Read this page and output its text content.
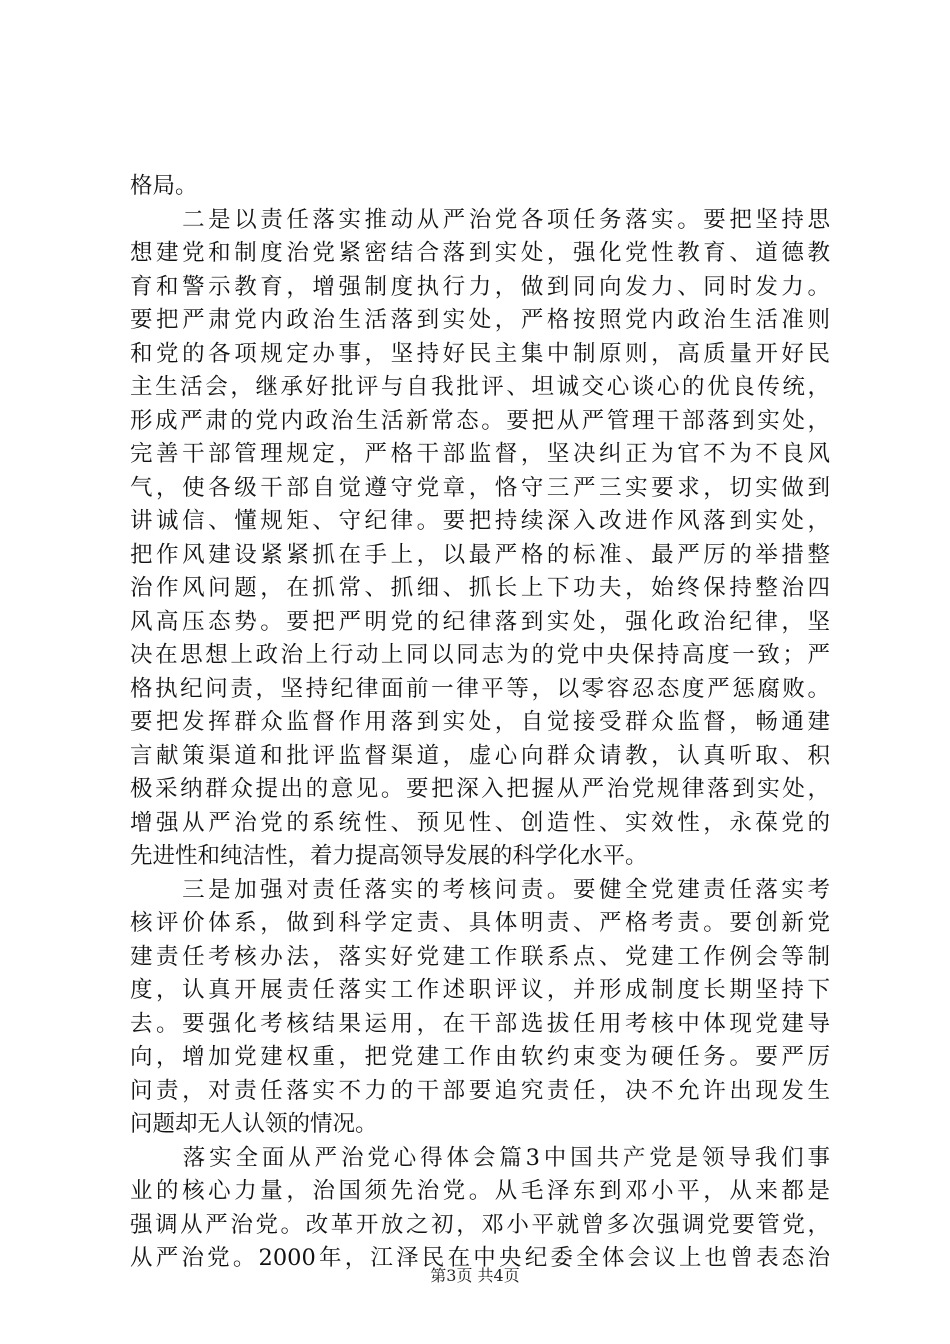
格局。
　　二是以责任落实推动从严治党各项任务落实。要把坚持思
想建党和制度治党紧密结合落到实处，强化党性教育、道德教
育和警示教育，增强制度执行力，做到同向发力、同时发力。
要把严肃党内政治生活落到实处，严格按照党内政治生活准则
和党的各项规定办事，坚持好民主集中制原则，高质量开好民
主生活会，继承好批评与自我批评、坦诚交心谈心的优良传统，
形成严肃的党内政治生活新常态。要把从严管理干部落到实处，
完善干部管理规定，严格干部监督，坚决纠正为官不为不良风
气，使各级干部自觉遵守党章，恪守三严三实要求，切实做到
讲诚信、懂规矩、守纪律。要把持续深入改进作风落到实处，
把作风建设紧紧抓在手上，以最严格的标准、最严厉的举措整
治作风问题，在抓常、抓细、抓长上下功夫，始终保持整治四
风高压态势。要把严明党的纪律落到实处，强化政治纪律，坚
决在思想上政治上行动上同以同志为的党中央保持高度一致；严
格执纪问责，坚持纪律面前一律平等，以零容忍态度严惩腐败。
要把发挥群众监督作用落到实处，自觉接受群众监督，畅通建
言献策渠道和批评监督渠道，虚心向群众请教，认真听取、积
极采纳群众提出的意见。要把深入把握从严治党规律落到实处，
增强从严治党的系统性、预见性、创造性、实效性，永葆党的
先进性和纯洁性，着力提高领导发展的科学化水平。
　　三是加强对责任落实的考核问责。要健全党建责任落实考
核评价体系，做到科学定责、具体明责、严格考责。要创新党
建责任考核办法，落实好党建工作联系点、党建工作例会等制
度，认真开展责任落实工作述职评议，并形成制度长期坚持下
去。要强化考核结果运用，在干部选拔任用考核中体现党建导
向，增加党建权重，把党建工作由软约束变为硬任务。要严厉
问责，对责任落实不力的干部要追究责任，决不允许出现发生
问题却无人认领的情况。
　　落实全面从严治党心得体会篇3中国共产党是领导我们事
业的核心力量，治国须先治党。从毛泽东到邓小平，从来都是
强调从严治党。改革开放之初，邓小平就曾多次强调党要管党，
从严治党。2000年，江泽民在中央纪委全体会议上也曾表态治
第3页 共4页
